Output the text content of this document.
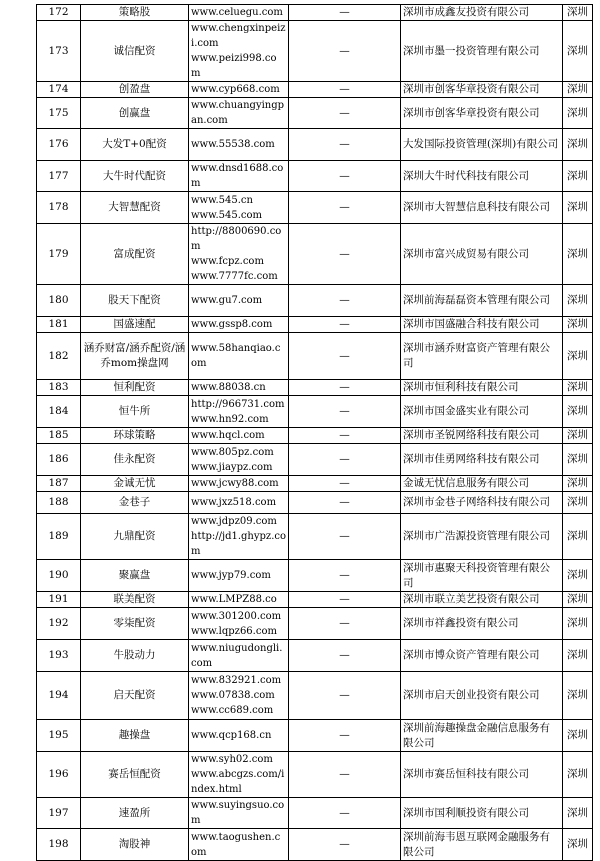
172	策略股	www.celuegu.com	—	深圳市成鑫友投资有限公司	深圳
173	诚信配资	www.chengxinpeizi.com
www.peizi998.com	—	深圳市墨一投资管理有限公司	深圳
174	创盈盘	www.cyp668.com	—	深圳市创客华章投资有限公司	深圳
175	创赢盘	www.chuangyingpan.com	—	深圳市创客华章投资有限公司	深圳
176	大发T+0配资	www.55538.com	—	大发国际投资管理(深圳)有限公司	深圳
177	大牛时代配资	www.dnsd1688.com	—	深圳大牛时代科技有限公司	深圳
178	大智慧配资	www.545.cn
www.545.com	—	深圳市大智慧信息科技有限公司	深圳
179	富成配资	http://8800690.com
www.fcpz.com
www.7777fc.com	—	深圳市富兴成贸易有限公司	深圳
180	股天下配资	www.gu7.com	—	深圳前海磊磊资本管理有限公司	深圳
181	国盛速配	www.gssp8.com	—	深圳市国盛融合科技有限公司	深圳
182	涵乔财富/涵乔配资/涵乔mom操盘网	www.58hanqiao.com	—	深圳市涵乔财富资产管理有限公司	深圳
183	恒利配资	www.88038.cn	—	深圳市恒利科技有限公司	深圳
184	恒牛所	http://966731.com
www.hn92.com	—	深圳市国金盛实业有限公司	深圳
185	环球策略	www.hqcl.com	—	深圳市圣锐网络科技有限公司	深圳
186	佳永配资	www.805pz.com
www.jiaypz.com	—	深圳市佳勇网络科技有限公司	深圳
187	金诚无忧	www.jcwy88.com	—	金诚无忧信息服务有限公司	深圳
188	金巷子	www.jxz518.com	—	深圳市金巷子网络科技有限公司	深圳
189	九鼎配资	www.jdpz09.com
http://jd1.ghypz.com	—	深圳市广浩源投资管理有限公司	深圳
190	聚赢盘	www.jyp79.com	—	深圳市惠聚天科投资管理有限公司	深圳
191	联美配资	www.LMPZ88.co	—	深圳市联立美艺投资有限公司	深圳
192	零柒配资	www.301200.com
www.lqpz66.com	—	深圳市祥鑫投资有限公司	深圳
193	牛股动力	www.niugudongli.com	—	深圳市博众资产管理有限公司	深圳
194	启天配资	www.832921.com
www.07838.com
www.cc689.com	—	深圳市启天创业投资有限公司	深圳
195	趣操盘	www.qcp168.cn	—	深圳前海趣操盘金融信息服务有限公司	深圳
196	赛岳恒配资	www.syh02.com
www.abcgzs.com/index.html	—	深圳市赛岳恒科技有限公司	深圳
197	速盈所	www.suyingsuo.com	—	深圳市国利顺投资有限公司	深圳
198	淘股神	www.taogushen.com	—	深圳前海韦恩互联网金融服务有限公司	深圳
